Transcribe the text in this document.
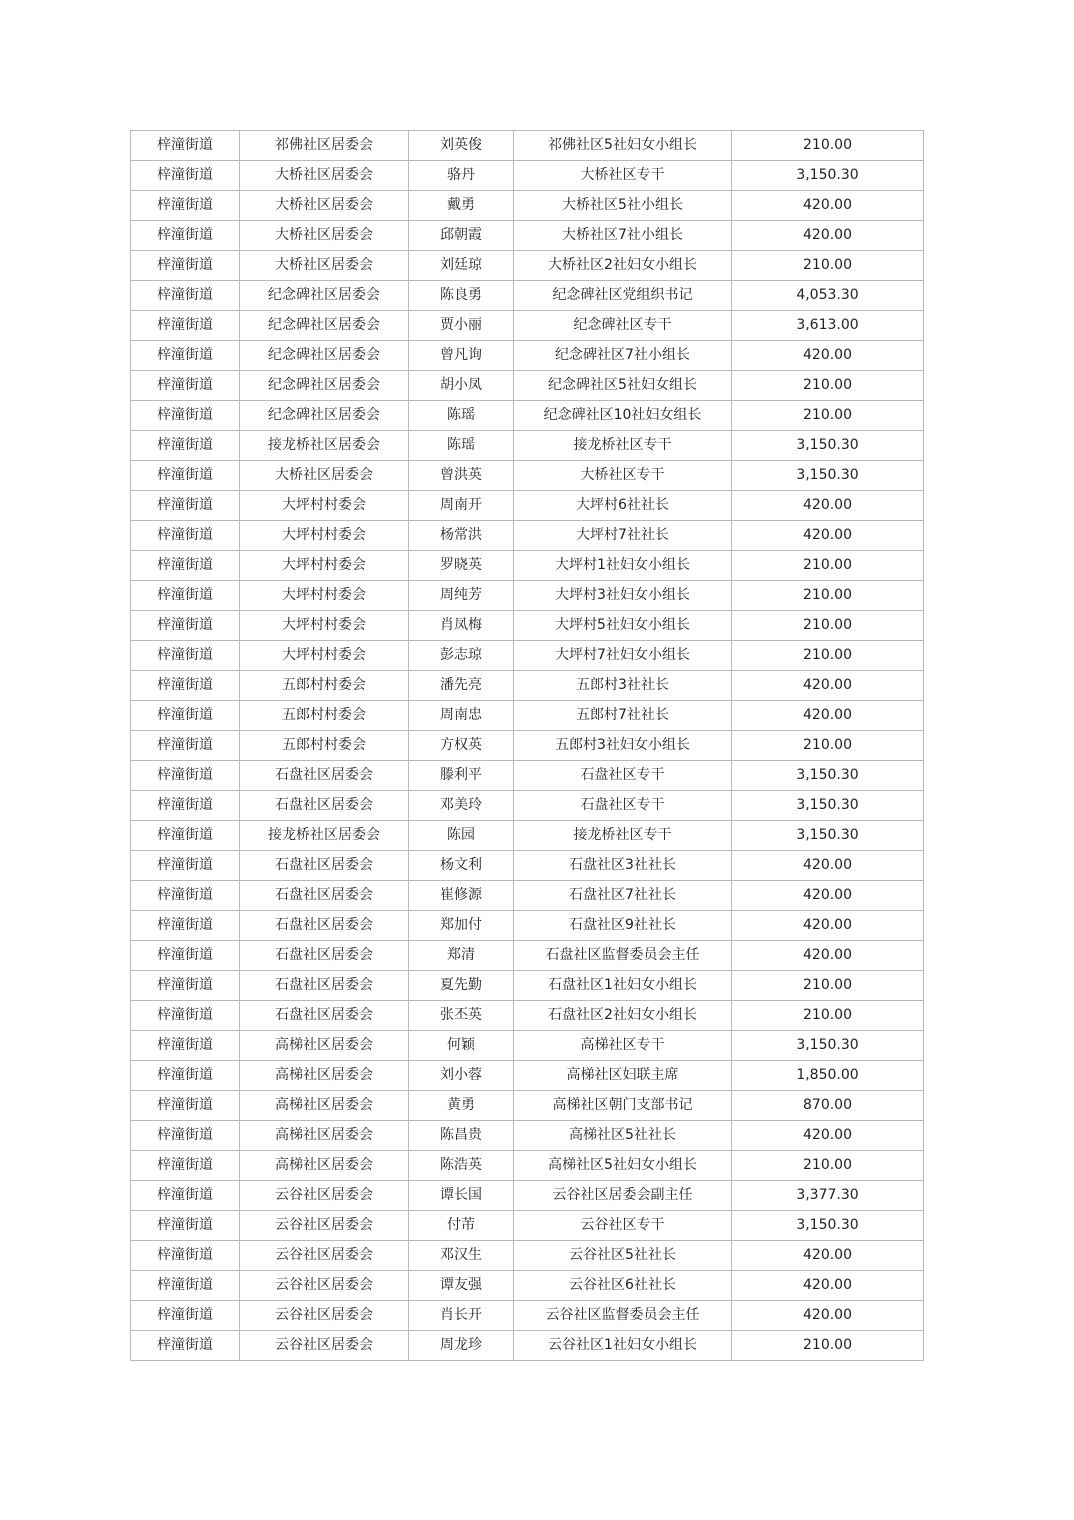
梓潼街道	祁佛社区居委会	刘英俊	祁佛社区5社妇女小组长	210.00
梓潼街道	大桥社区居委会	骆丹	大桥社区专干	3,150.30
梓潼街道	大桥社区居委会	戴勇	大桥社区5社小组长	420.00
梓潼街道	大桥社区居委会	邱朝霞	大桥社区7社小组长	420.00
梓潼街道	大桥社区居委会	刘廷琼	大桥社区2社妇女小组长	210.00
梓潼街道	纪念碑社区居委会	陈良勇	纪念碑社区党组织书记	4,053.30
梓潼街道	纪念碑社区居委会	贾小丽	纪念碑社区专干	3,613.00
梓潼街道	纪念碑社区居委会	曾凡询	纪念碑社区7社小组长	420.00
梓潼街道	纪念碑社区居委会	胡小凤	纪念碑社区5社妇女组长	210.00
梓潼街道	纪念碑社区居委会	陈瑶	纪念碑社区10社妇女组长	210.00
梓潼街道	接龙桥社区居委会	陈瑶	接龙桥社区专干	3,150.30
梓潼街道	大桥社区居委会	曾洪英	大桥社区专干	3,150.30
梓潼街道	大坪村村委会	周南开	大坪村6社社长	420.00
梓潼街道	大坪村村委会	杨常洪	大坪村7社社长	420.00
梓潼街道	大坪村村委会	罗晓英	大坪村1社妇女小组长	210.00
梓潼街道	大坪村村委会	周纯芳	大坪村3社妇女小组长	210.00
梓潼街道	大坪村村委会	肖凤梅	大坪村5社妇女小组长	210.00
梓潼街道	大坪村村委会	彭志琼	大坪村7社妇女小组长	210.00
梓潼街道	五郎村村委会	潘先亮	五郎村3社社长	420.00
梓潼街道	五郎村村委会	周南忠	五郎村7社社长	420.00
梓潼街道	五郎村村委会	方权英	五郎村3社妇女小组长	210.00
梓潼街道	石盘社区居委会	滕利平	石盘社区专干	3,150.30
梓潼街道	石盘社区居委会	邓美玲	石盘社区专干	3,150.30
梓潼街道	接龙桥社区居委会	陈园	接龙桥社区专干	3,150.30
梓潼街道	石盘社区居委会	杨文利	石盘社区3社社长	420.00
梓潼街道	石盘社区居委会	崔修源	石盘社区7社社长	420.00
梓潼街道	石盘社区居委会	郑加付	石盘社区9社社长	420.00
梓潼街道	石盘社区居委会	郑清	石盘社区监督委员会主任	420.00
梓潼街道	石盘社区居委会	夏先勤	石盘社区1社妇女小组长	210.00
梓潼街道	石盘社区居委会	张丕英	石盘社区2社妇女小组长	210.00
梓潼街道	高梯社区居委会	何颖	高梯社区专干	3,150.30
梓潼街道	高梯社区居委会	刘小蓉	高梯社区妇联主席	1,850.00
梓潼街道	高梯社区居委会	黄勇	高梯社区朝门支部书记	870.00
梓潼街道	高梯社区居委会	陈昌贵	高梯社区5社社长	420.00
梓潼街道	高梯社区居委会	陈浩英	高梯社区5社妇女小组长	210.00
梓潼街道	云谷社区居委会	谭长国	云谷社区居委会副主任	3,377.30
梓潼街道	云谷社区居委会	付芾	云谷社区专干	3,150.30
梓潼街道	云谷社区居委会	邓汉生	云谷社区5社社长	420.00
梓潼街道	云谷社区居委会	谭友强	云谷社区6社社长	420.00
梓潼街道	云谷社区居委会	肖长开	云谷社区监督委员会主任	420.00
梓潼街道	云谷社区居委会	周龙珍	云谷社区1社妇女小组长	210.00
